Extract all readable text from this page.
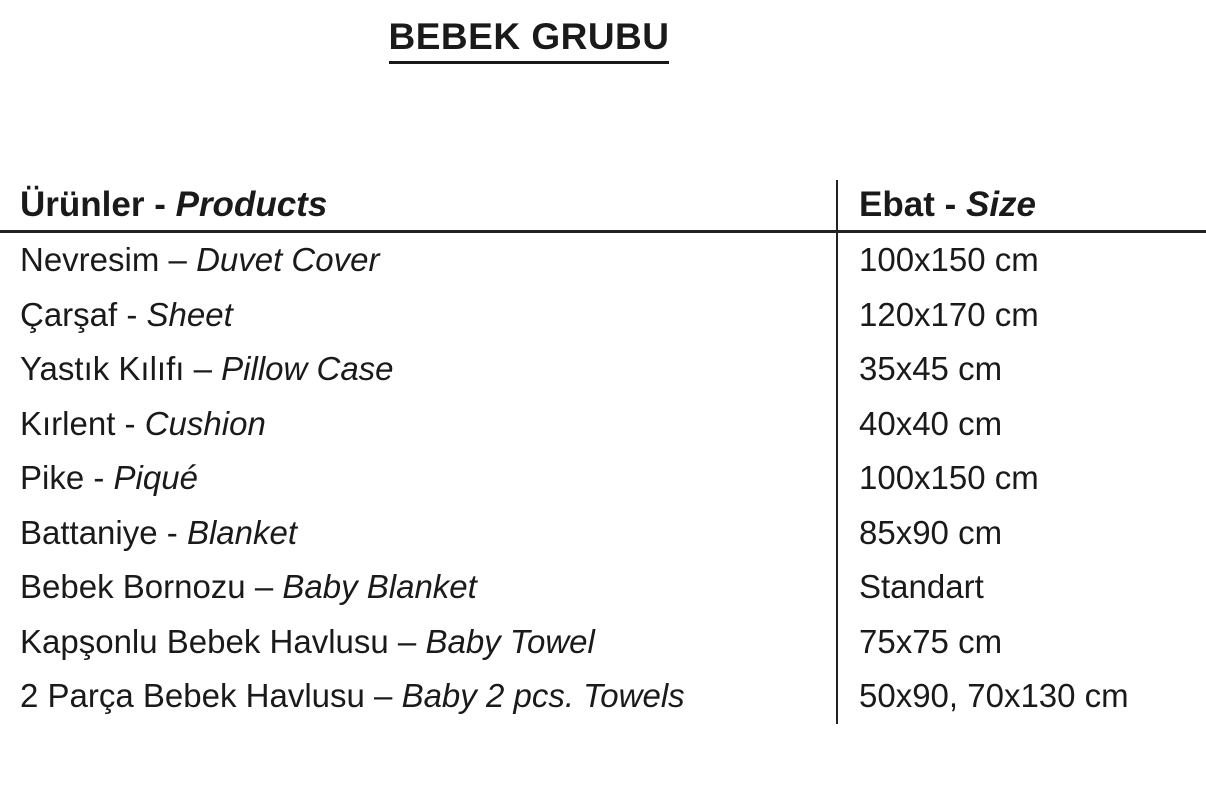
BEBEK GRUBU
Ürünler - Products	Ebat - Size
Nevresim – Duvet Cover	100x150 cm
Çarşaf - Sheet	120x170 cm
Yastık Kılıfı – Pillow Case	35x45 cm
Kırlent - Cushion	40x40 cm
Pike - Piqué	100x150 cm
Battaniye - Blanket	85x90 cm
Bebek Bornozu – Baby Blanket	Standart
Kapşonlu Bebek Havlusu – Baby Towel	75x75 cm
2 Parça Bebek Havlusu – Baby 2 pcs. Towels	50x90, 70x130 cm
